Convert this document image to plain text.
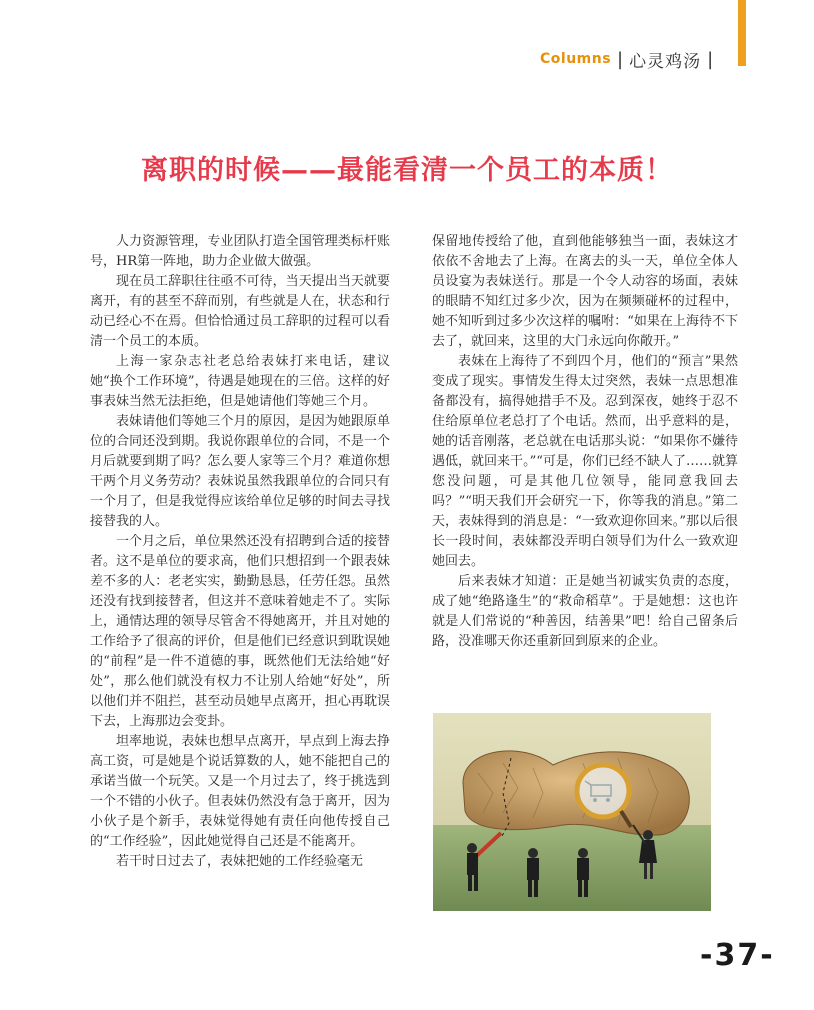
Columns | 心灵鸡汤 |
离职的时候——最能看清一个员工的本质！

人力资源管理，专业团队打造全国管理类标杆账号，HR第一阵地，助力企业做大做强。

现在员工辞职往往亟不可待，当天提出当天就要离开，有的甚至不辞而别，有些就是人在，状态和行动已经心不在焉。但恰恰通过员工辞职的过程可以看清一个员工的本质。

上海一家杂志社老总给表妹打来电话，建议她“换个工作环境”，待遇是她现在的三倍。这样的好事表妹当然无法拒绝，但是她请他们等她三个月。

表妹请他们等她三个月的原因，是因为她跟原单位的合同还没到期。我说你跟单位的合同，不是一个月后就要到期了吗？怎么要人家等三个月？难道你想干两个月义务劳动？表妹说虽然我跟单位的合同只有一个月了，但是我觉得应该给单位足够的时间去寻找接替我的人。

一个月之后，单位果然还没有招聘到合适的接替者。这不是单位的要求高，他们只想招到一个跟表妹差不多的人：老老实实，勤勤恳恳，任劳任怨。虽然还没有找到接替者，但这并不意味着她走不了。实际上，通情达理的领导尽管舍不得她离开，并且对她的工作给予了很高的评价，但是他们已经意识到耽误她的“前程”是一件不道德的事，既然他们无法给她“好处”，那么他们就没有权力不让别人给她“好处”，所以他们并不阻拦，甚至动员她早点离开，担心再耽误下去，上海那边会变卦。

坦率地说，表妹也想早点离开，早点到上海去挣高工资，可是她是个说话算数的人，她不能把自己的承诺当做一个玩笑。又是一个月过去了，终于挑选到一个不错的小伙子。但表妹仍然没有急于离开，因为小伙子是个新手，表妹觉得她有责任向他传授自己的“工作经验”，因此她觉得自己还是不能离开。

若干时日过去了，表妹把她的工作经验毫无

保留地传授给了他，直到他能够独当一面，表妹这才依依不舍地去了上海。在离去的头一天，单位全体人员设宴为表妹送行。那是一个令人动容的场面，表妹的眼睛不知红过多少次，因为在频频碰杯的过程中，她不知听到过多少次这样的嘱咐：“如果在上海待不下去了，就回来，这里的大门永远向你敞开。”

表妹在上海待了不到四个月，他们的“预言”果然变成了现实。事情发生得太过突然，表妹一点思想准备都没有，搞得她措手不及。忍到深夜，她终于忍不住给原单位老总打了个电话。然而，出乎意料的是，她的话音刚落，老总就在电话那头说：“如果你不嫌待遇低，就回来干。”“可是，你们已经不缺人了……就算您没问题，可是其他几位领导，能同意我回去吗？”“明天我们开会研究一下，你等我的消息。”第二天，表妹得到的消息是：“一致欢迎你回来。”那以后很长一段时间，表妹都没弄明白领导们为什么一致欢迎她回去。

后来表妹才知道：正是她当初诚实负责的态度，成了她“绝路逢生”的“救命稻草”。于是她想：这也许就是人们常说的“种善因，结善果”吧！给自己留条后路，没准哪天你还重新回到原来的企业。

-37-
